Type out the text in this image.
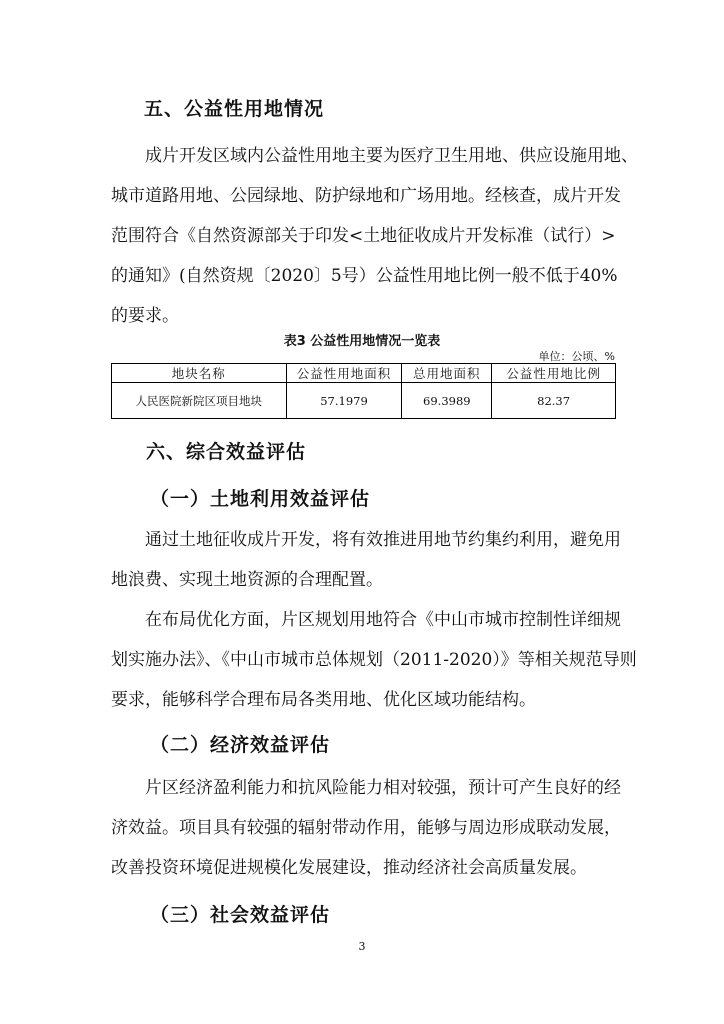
五、公益性用地情况
成片开发区域内公益性用地主要为医疗卫生用地、供应设施用地、
城市道路用地、公园绿地、防护绿地和广场用地。经核查，成片开发
范围符合《自然资源部关于印发<土地征收成片开发标准（试行）>
的通知》(自然资规〔2020〕5号）公益性用地比例一般不低于40%
的要求。
表3 公益性用地情况一览表
单位：公顷、%
地块名称	公益性用地面积	总用地面积	公益性用地比例
人民医院新院区项目地块	57.1979	69.3989	82.37
六、综合效益评估
（一）土地利用效益评估
通过土地征收成片开发，将有效推进用地节约集约利用，避免用
地浪费、实现土地资源的合理配置。
在布局优化方面，片区规划用地符合《中山市城市控制性详细规
划实施办法》、《中山市城市总体规划（2011-2020）》等相关规范导则
要求，能够科学合理布局各类用地、优化区域功能结构。
（二）经济效益评估
片区经济盈利能力和抗风险能力相对较强，预计可产生良好的经
济效益。项目具有较强的辐射带动作用，能够与周边形成联动发展，
改善投资环境促进规模化发展建设，推动经济社会高质量发展。
（三）社会效益评估
3
